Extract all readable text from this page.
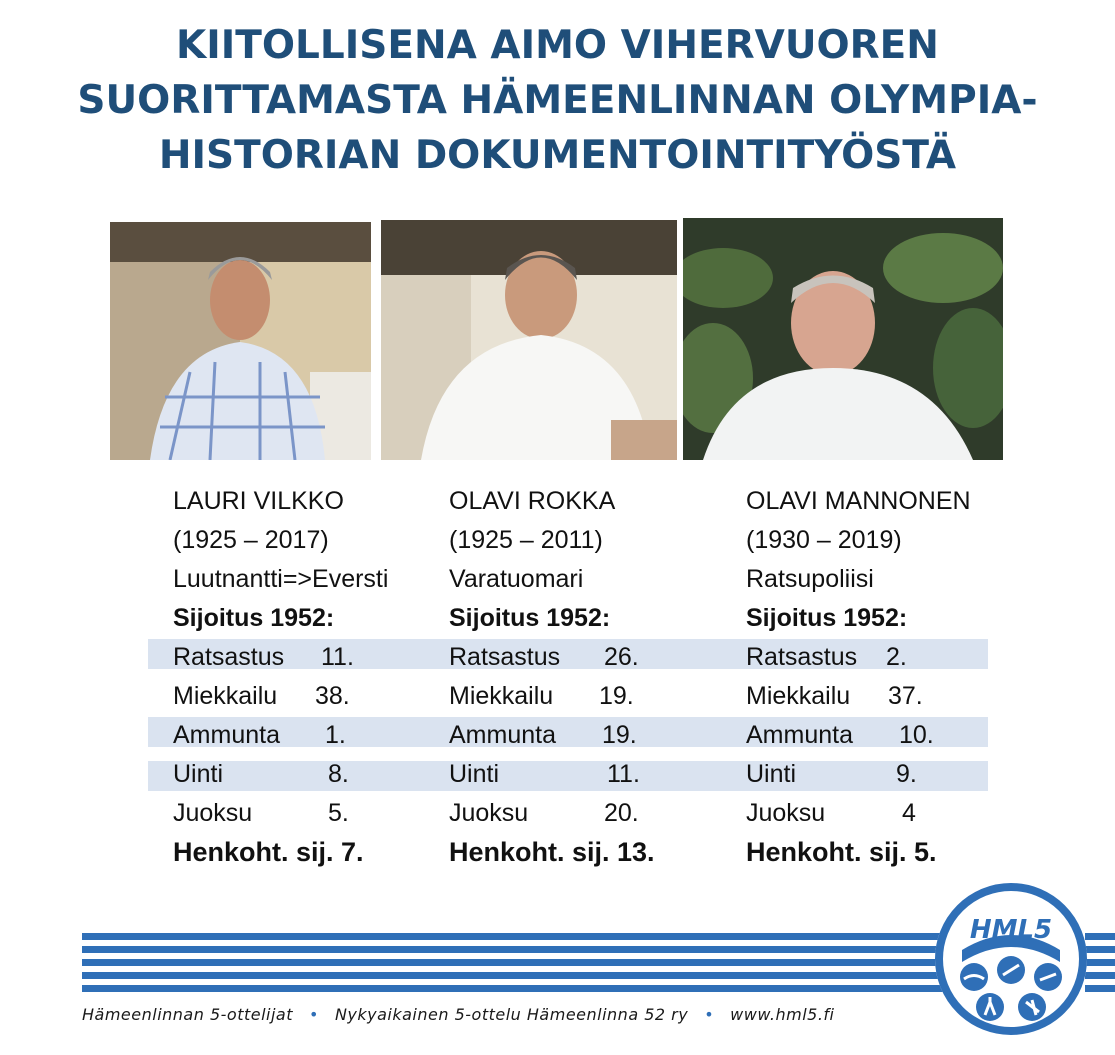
KIITOLLISENA AIMO VIHERVUOREN
SUORITTAMASTA HÄMEENLINNAN OLYMPIA-
HISTORIAN DOKUMENTOINTITYÖSTÄ
LAURI VILKKO
(1925 – 2017)
Luutnantti=>Eversti
Sijoitus 1952:
Ratsastus 11.
Miekkailu 38.
Ammunta 1.
Uinti	8.
Juoksu	5.
Henkoht. sij. 7.
OLAVI ROKKA
(1925 – 2011)
Varatuomari
Sijoitus 1952:
Ratsastus 26.
Miekkailu 19.
Ammunta 19.
Uinti	11.
Juoksu	20.
Henkoht. sij. 13.
OLAVI MANNONEN
(1930 – 2019)
Ratsupoliisi
Sijoitus 1952:
Ratsastus 2.
Miekkailu 37.
Ammunta 10.
Uinti	9.
Juoksu	4
Henkoht. sij. 5.
Hämeenlinnan 5-ottelijat • Nykyaikainen 5-ottelu Hämeenlinna 52 ry • www.hml5.fi
HML5
